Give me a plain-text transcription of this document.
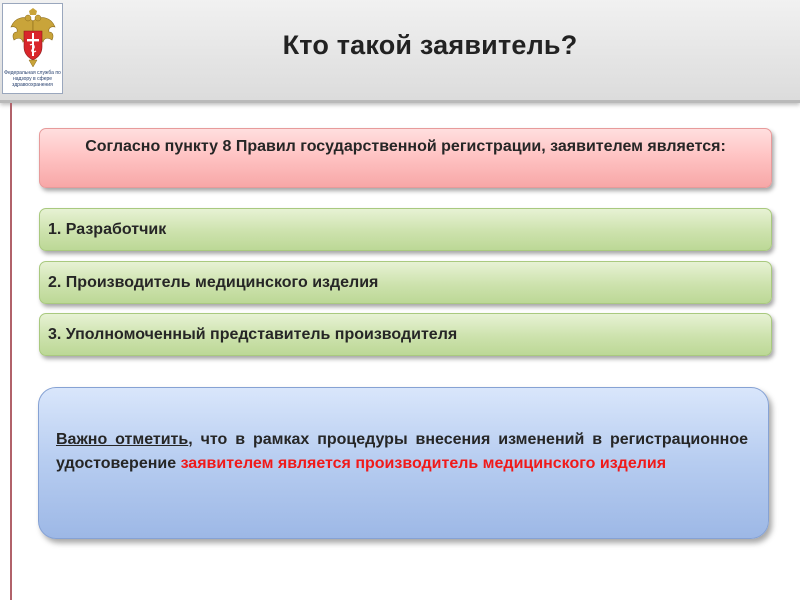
Федеральная служба по надзору в сфере здравоохранения
Кто такой заявитель?
Согласно пункту 8 Правил государственной регистрации, заявителем является:
1. Разработчик
2. Производитель медицинского изделия
3. Уполномоченный представитель производителя
Важно отметить, что в рамках процедуры внесения изменений в регистрационное удостоверение заявителем является производитель медицинского изделия
